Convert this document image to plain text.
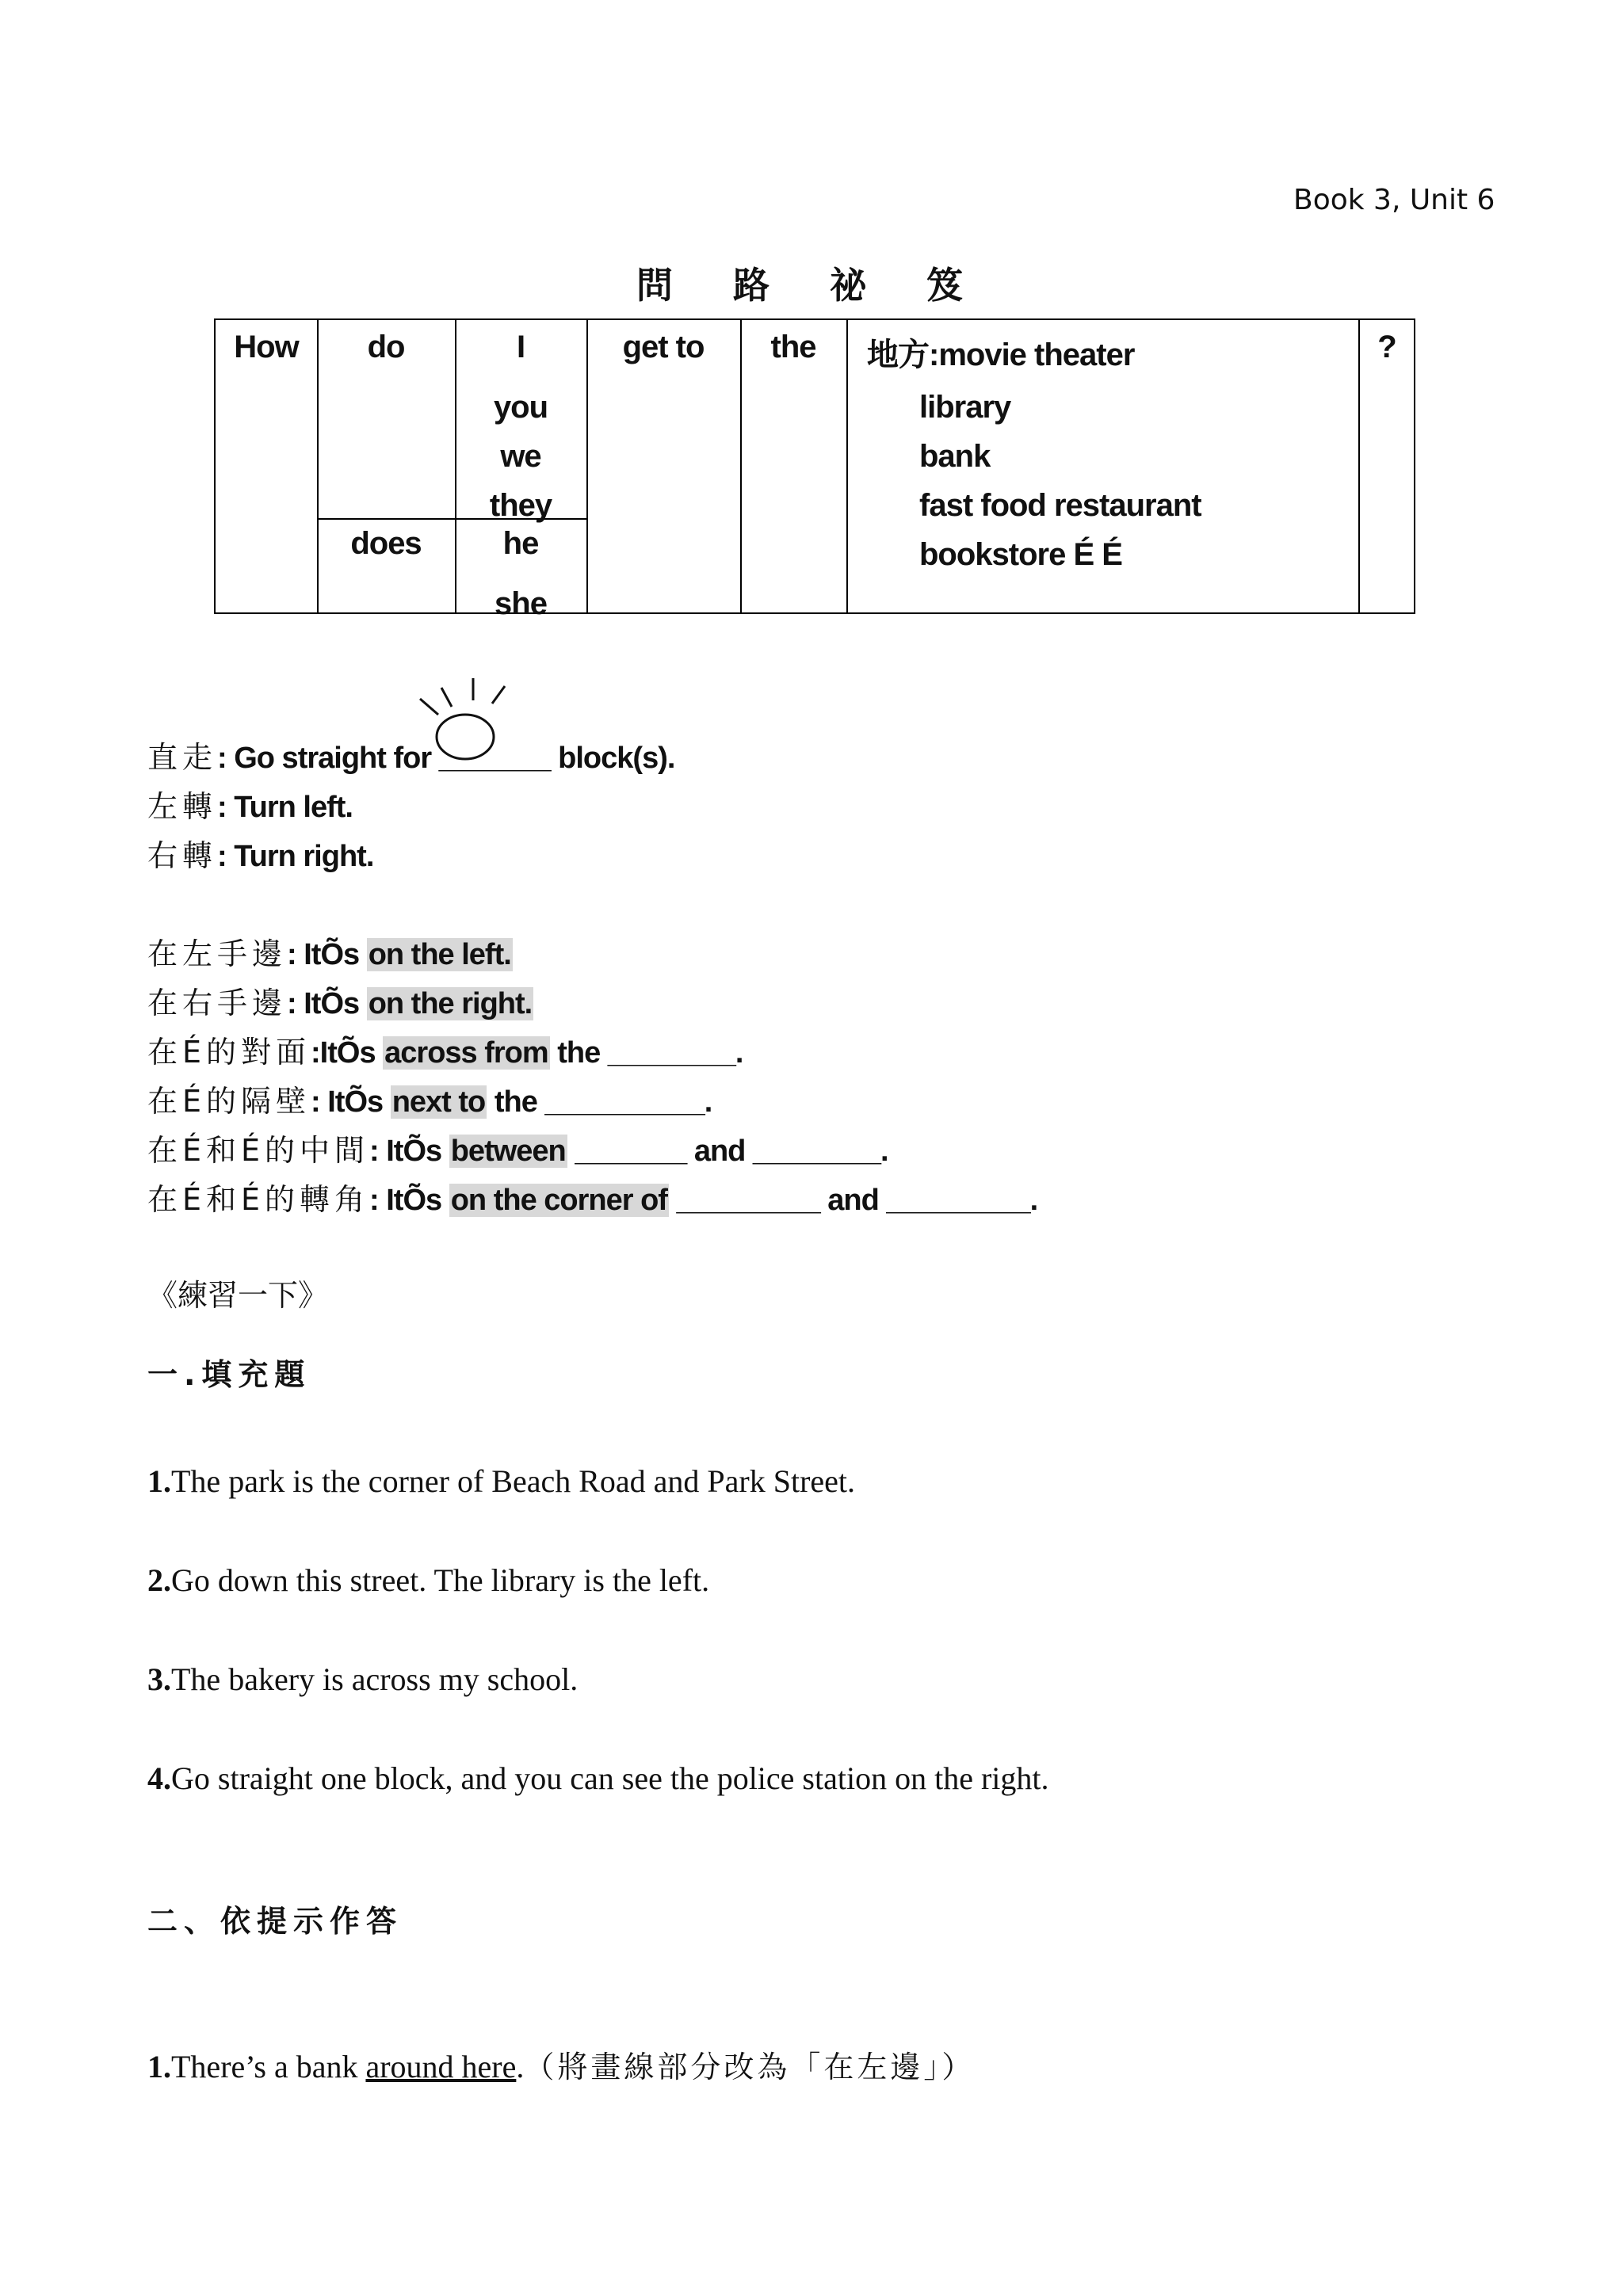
Book 3, Unit 6
問 路 祕 笈
How do
does
I
you
we
they
he
she
get to the 地方:movie theater
library
bank
fast food restaurant
bookstore É É
?
直走: Go straight for _______ block(s).
左轉: Turn left.
右轉: Turn right.
在左手邊: ItÕs on the left.
在右手邊: ItÕs on the right.
在É的對面:ItÕs across from the ________.
在É的隔壁: ItÕs next to the __________.
在É和É的中間: ItÕs between _______ and ________.
在É和É的轉角: ItÕs on the corner of _________ and _________.
《練習一下》
一.填充題
1.The park is the corner of Beach Road and Park Street.
2.Go down this street. The library is the left.
3.The bakery is across my school.
4.Go straight one block, and you can see the police station on the right.
二、依提示作答
1.There’s a bank around here.（將畫線部分改為「在左邊」）
